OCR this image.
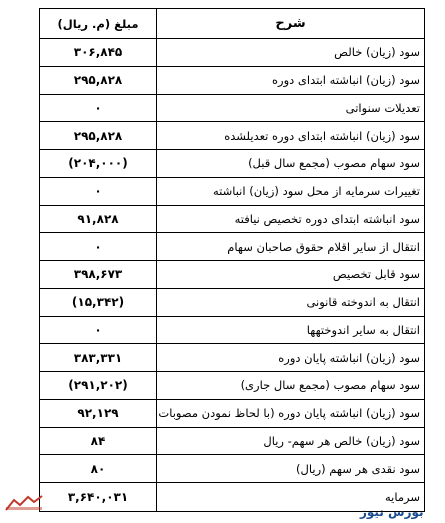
شرح
مبلغ (م. ریال)
سود (زیان) خالص
۳۰۶,۸۴۵
سود (زیان) انباشته ابتدای دوره
۲۹۵,۸۲۸
تعدیلات سنواتی
۰
سود (زیان) انباشته ابتدای دوره تعدیلشده
۲۹۵,۸۲۸
سود سهام مصوب (مجمع سال قبل)
(۲۰۴,۰۰۰)
تغییرات سرمایه از محل سود (زیان) انباشته
۰
سود انباشته ابتدای دوره تخصیص نیافته
۹۱,۸۲۸
انتقال از سایر اقلام حقوق صاحبان سهام
۰
سود قابل تخصیص
۳۹۸,۶۷۳
انتقال به اندوخته قانونی
(۱۵,۳۴۲)
انتقال به سایر اندوختهها
۰
سود (زیان) انباشته پایان دوره
۳۸۳,۳۳۱
سود سهام مصوب (مجمع سال جاری)
(۲۹۱,۲۰۲)
سود (زیان) انباشته پایان دوره (با لحاظ نمودن مصوبات
۹۲,۱۲۹
سود (زیان) خالص هر سهم- ریال
۸۴
سود نقدی هر سهم (ریال)
۸۰
سرمایه
۳,۶۴۰,۰۳۱
بورس نیوز
